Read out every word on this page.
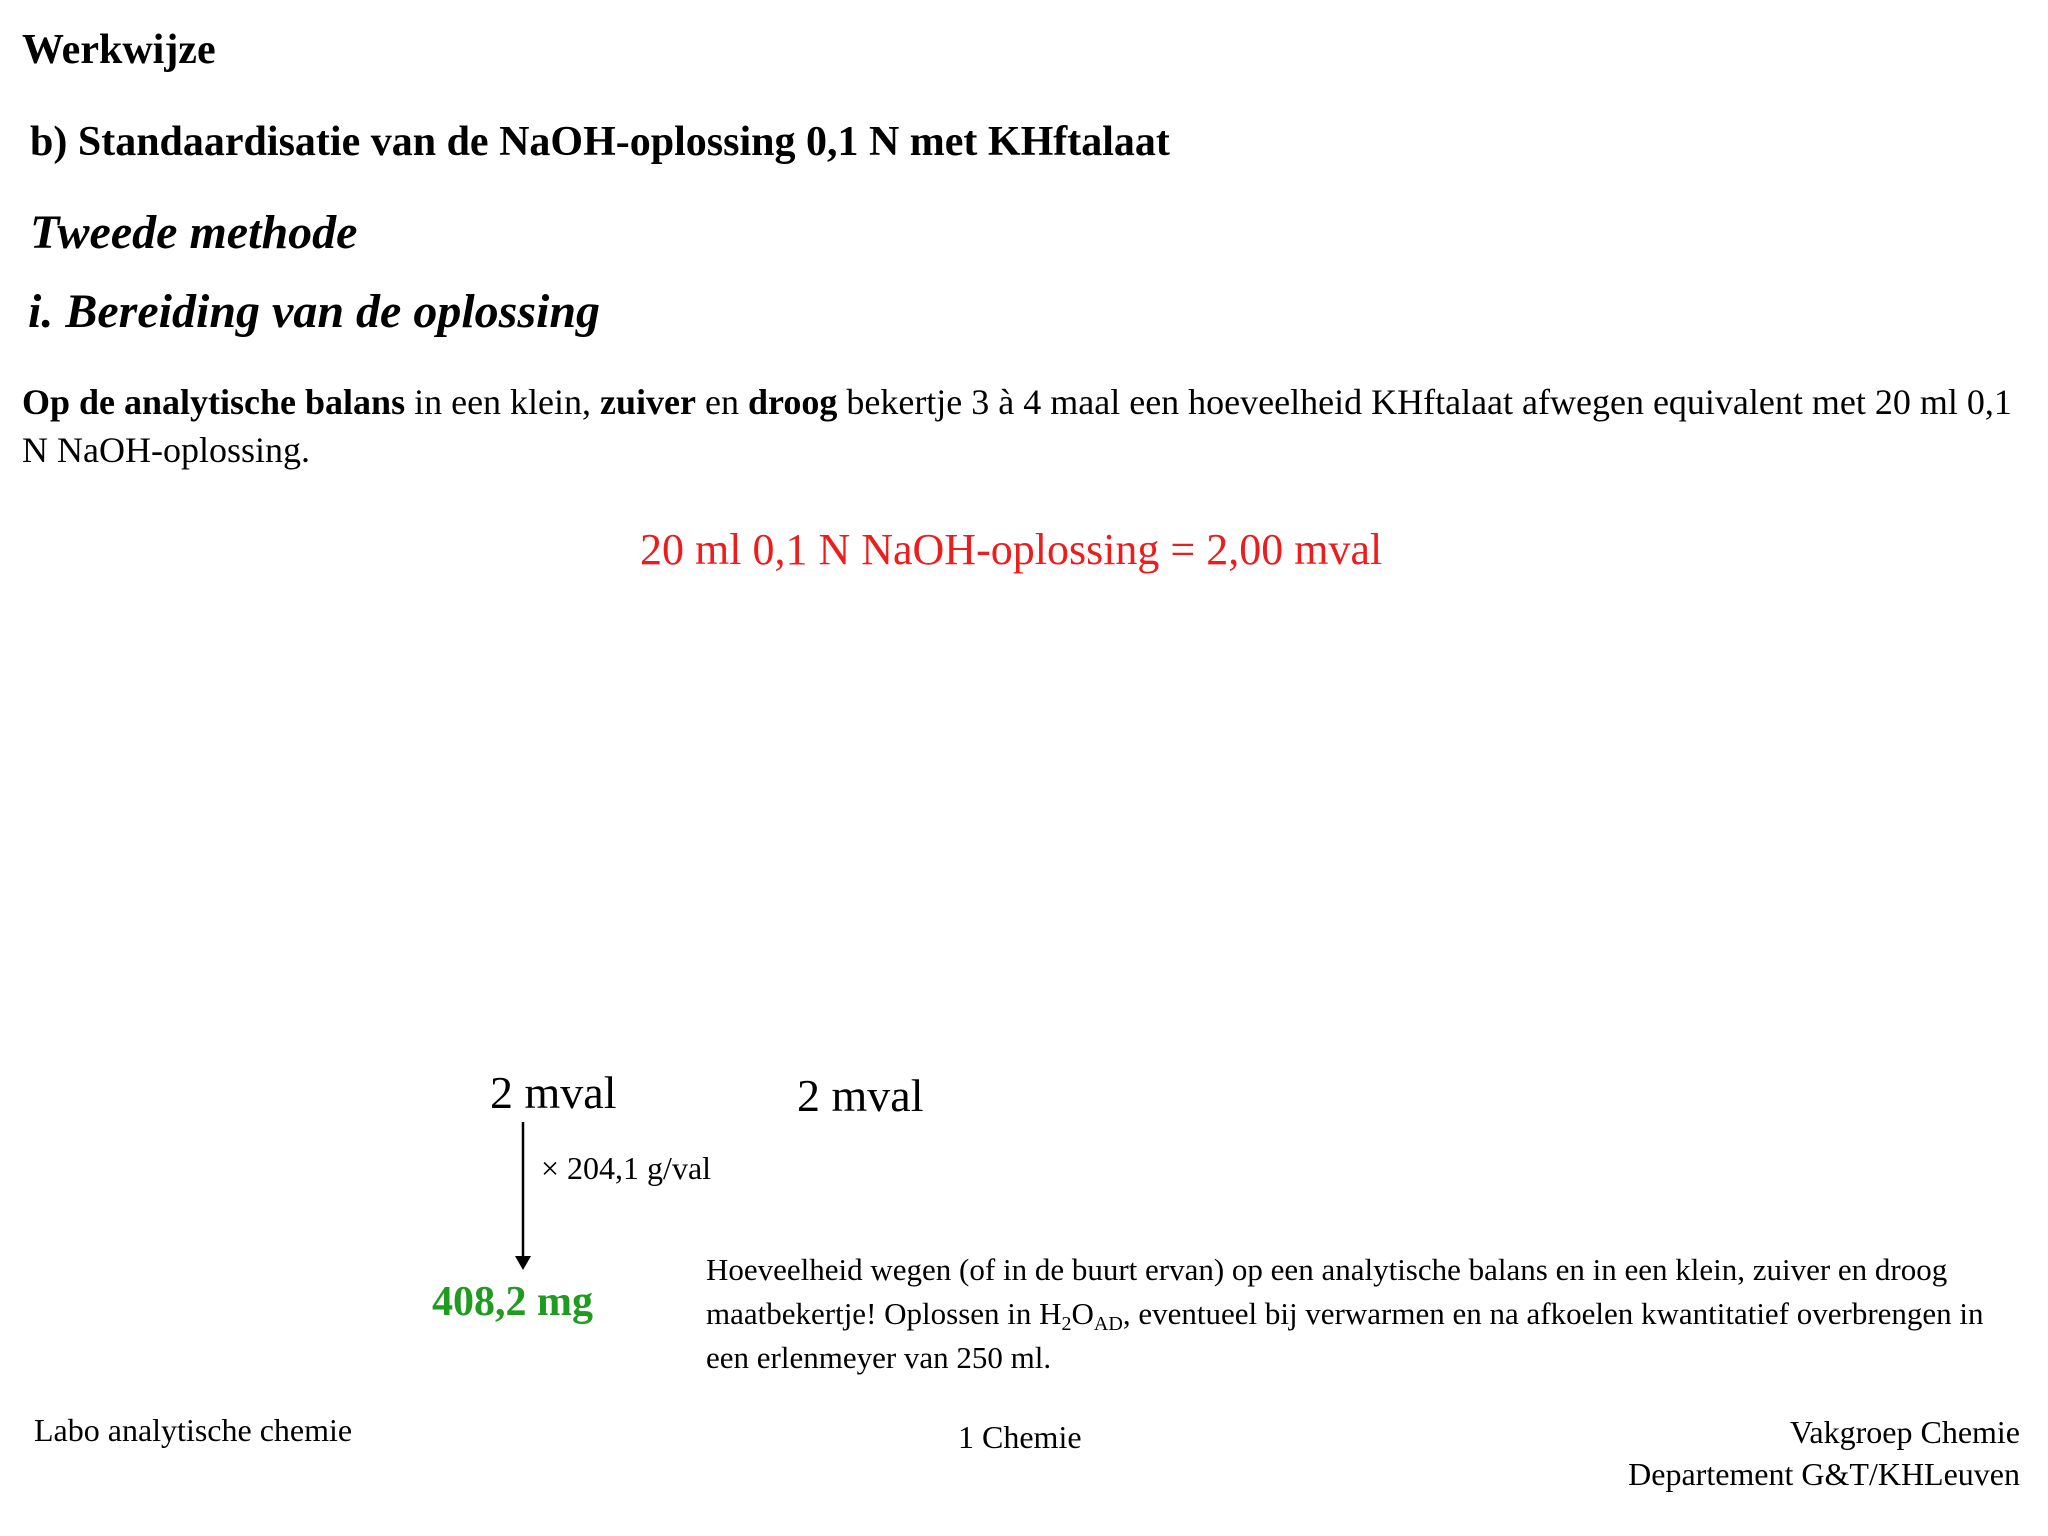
Werkwijze
b) Standaardisatie van de NaOH-oplossing 0,1 N met KHftalaat
Tweede methode
i. Bereiding van de oplossing
Op de analytische balans in een klein, zuiver en droog bekertje 3 à 4 maal een hoeveelheid KHftalaat afwegen equivalent met 20 ml 0,1 N NaOH-oplossing.
20 ml 0,1 N NaOH-oplossing = 2,00 mval
2 mval	2 mval
× 204,1 g/val
408,2 mg
Hoeveelheid wegen (of in de buurt ervan) op een analytische balans en in een klein, zuiver en droog maatbekertje! Oplossen in $H_2O_{AD}$, eventueel bij verwarmen en na afkoelen kwantitatief overbrengen in een erlenmeyer van 250 ml.
Labo analytische chemie	1 Chemie	Vakgroep Chemie
Departement G&T/KHLeuven
